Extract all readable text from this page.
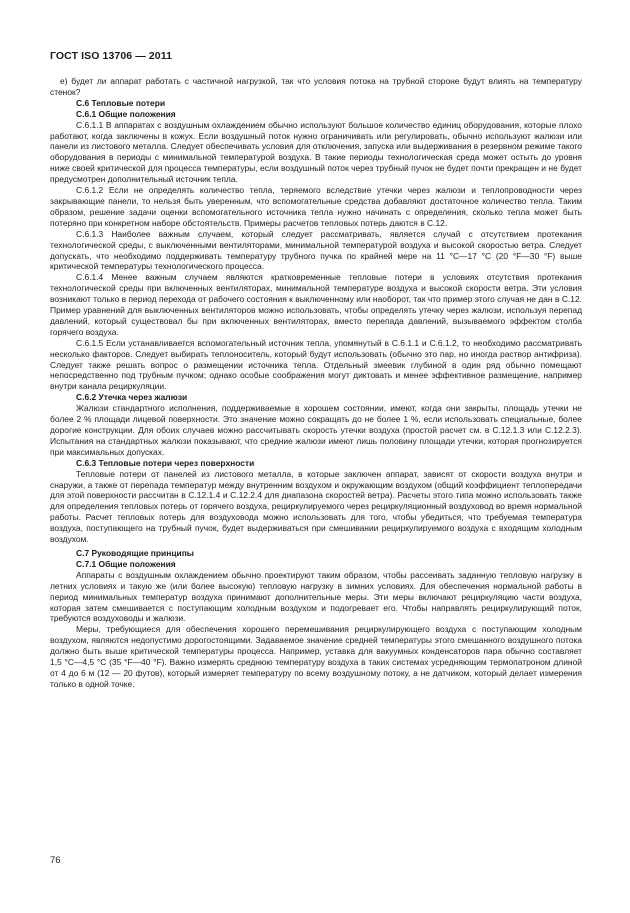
ГОСТ ISO 13706 — 2011

е) будет ли аппарат работать с частичной нагрузкой, так что условия потока на трубной стороне будут влиять на температуру стенок?

С.6 Тепловые потери

С.6.1 Общие положения

С.6.1.1 В аппаратах с воздушным охлаждением обычно используют большое количество единиц оборудования, которые плохо работают, когда заключены в кожух. Если воздушный поток нужно ограничивать или регулировать, обычно используют жалюзи или панели из листового металла. Следует обеспечивать условия для отключения, запуска или выдерживания в резервном режиме такого оборудования в периоды с минимальной температурой воздуха. В такие периоды технологическая среда может остыть до уровня ниже своей критической для процесса температуры, если воздушный поток через трубный пучок не будет почти прекращен и не будет предусмотрен дополнительный источник тепла.

С.6.1.2 Если не определять количество тепла, теряемого вследствие утечки через жалюзи и теплопроводности через закрывающие панели, то нельзя быть уверенным, что вспомогательные средства добавляют достаточное количество тепла. Таким образом, решение задачи оценки вспомогательного источника тепла нужно начинать с определения, сколько тепла может быть потеряно при конкретном наборе обстоятельств. Примеры расчетов тепловых потерь даются в С.12.

С.6.1.3 Наиболее важным случаем, который следует рассматривать, является случай с отсутствием протекания технологической среды, с выключенными вентиляторами, минимальной температурой воздуха и высокой скоростью ветра. Следует допускать, что необходимо поддерживать температуру трубного пучка по крайней мере на 11 °С—17 °С (20 °F—30 °F) выше критической температуры технологического процесса.

С.6.1.4 Менее важным случаем являются кратковременные тепловые потери в условиях отсутствия протекания технологической среды при включенных вентиляторах, минимальной температуре воздуха и высокой скорости ветра. Эти условия возникают только в период перехода от рабочего состояния к выключенному или наоборот, так что пример этого случая не дан в С.12. Пример уравнений для выключенных вентиляторов можно использовать, чтобы определять утечку через жалюзи, используя перепад давлений, который существовал бы при включенных вентиляторах, вместо перепада давлений, вызываемого эффектом столба горячего воздуха.

С.6.1.5 Если устанавливается вспомогательный источник тепла, упомянутый в С.6.1.1 и С.6.1.2, то необходимо рассматривать несколько факторов. Следует выбирать теплоноситель, который будут использовать (обычно это пар, но иногда раствор антифриза). Следует также решать вопрос о размещении источника тепла. Отдельный змеевик глубиной в один ряд обычно помещают непосредственно под трубным пучком; однако особые соображения могут диктовать и менее эффективное размещение, например внутри канала рециркуляции.

С.6.2 Утечка через жалюзи

Жалюзи стандартного исполнения, поддерживаемые в хорошем состоянии, имеют, когда они закрыты, площадь утечки не более 2 % площади лицевой поверхности. Это значение можно сокращать до не более 1 %, если использовать специальные, более дорогие конструкции. Для обоих случаев можно рассчитывать скорость утечки воздуха (простой расчет см. в С.12.1.3 или С.12.2.3). Испытания на стандартных жалюзи показывают, что средние жалюзи имеют лишь половину площади утечки, которая прогнозируется при максимальных допусках.

С.6.3 Тепловые потери через поверхности

Тепловые потери от панелей из листового металла, в которые заключен аппарат, зависят от скорости воздуха внутри и снаружи, а также от перепада температур между внутренним воздухом и окружающим воздухом (общий коэффициент теплопередачи для этой поверхности рассчитан в С.12.1.4 и С.12.2.4 для диапазона скоростей ветра). Расчеты этого типа можно использовать также для определения тепловых потерь от горячего воздуха, рециркулируемого через рециркуляционный воздуховод во время нормальной работы. Расчет тепловых потерь для воздуховода можно использовать для того, чтобы убедиться, что требуемая температура воздуха, поступающего на трубный пучок, будет выдерживаться при смешивании рециркулируемого воздуха с входящим холодным воздухом.

С.7 Руководящие принципы

С.7.1 Общие положения

Аппараты с воздушным охлаждением обычно проектируют таким образом, чтобы рассеивать заданную тепловую нагрузку в летних условиях и такую же (или более высокую) тепловую нагрузку в зимних условиях. Для обеспечения нормальной работы в период минимальных температур воздуха принимают дополнительные меры. Эти меры включают рециркуляцию части воздуха, которая затем смешивается с поступающим холодным воздухом и подогревает его. Чтобы направлять рециркулирующий поток, требуются воздуховоды и жалюзи.

Меры, требующиеся для обеспечения хорошего перемешивания рециркулирующего воздуха с поступающим холодным воздухом, являются недопустимо дорогостоящими. Задаваемое значение средней температуры этого смешанного воздушного потока должно быть выше критической температуры процесса. Например, уставка для вакуумных конденсаторов пара обычно составляет 1,5 °С—4,5 °С (35 °F—40 °F). Важно измерять среднюю температуру воздуха в таких системах усредняющим термопатроном длиной от 4 до 6 м (12 — 20 футов), который измеряет температуру по всему воздушному потоку, а не датчиком, который делает измерения только в одной точке.

76
